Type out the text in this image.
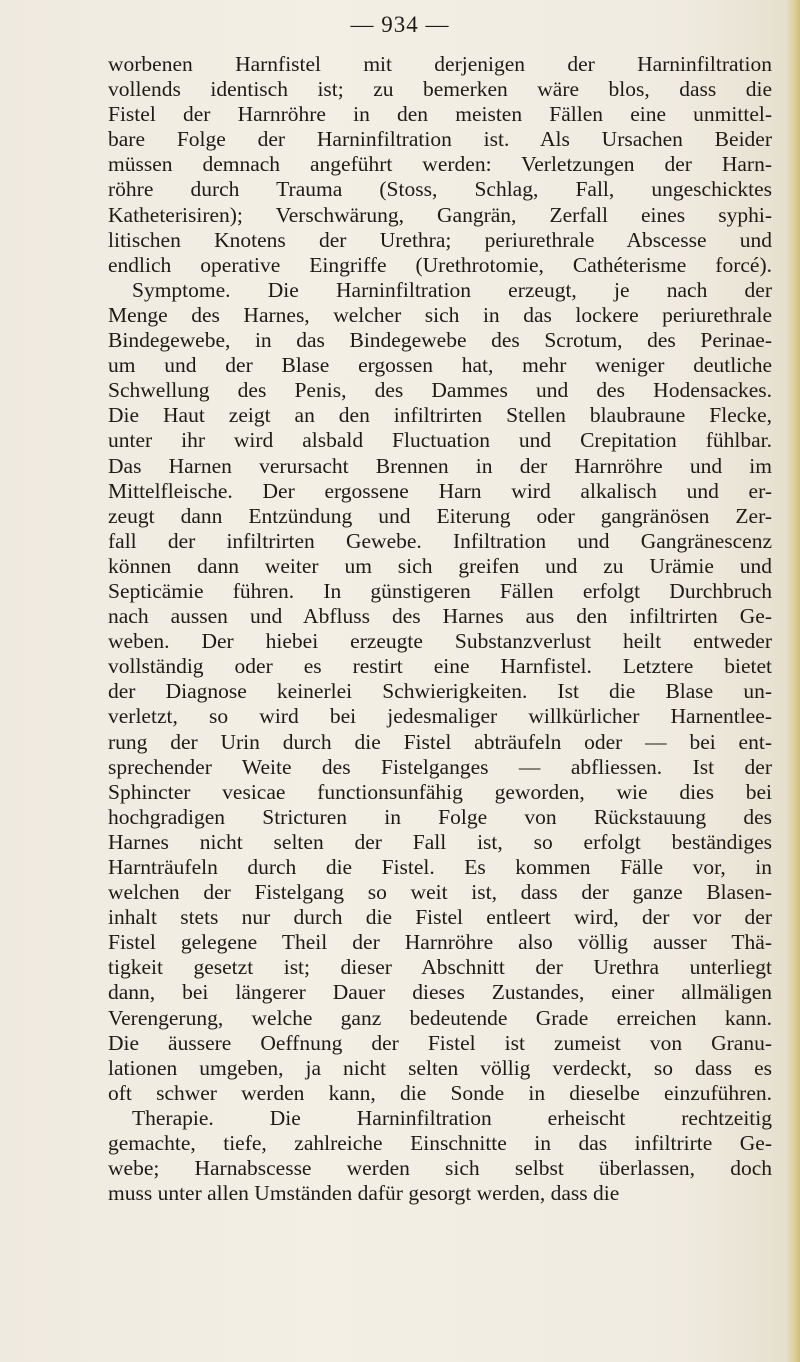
— 934 —
worbenen Harnfistel mit derjenigen der Harninfiltration
vollends identisch ist; zu bemerken wäre blos, dass die
Fistel der Harnröhre in den meisten Fällen eine unmittel-
bare Folge der Harninfiltration ist. Als Ursachen Beider
müssen demnach angeführt werden: Verletzungen der Harn-
röhre durch Trauma (Stoss, Schlag, Fall, ungeschicktes
Katheterisiren); Verschwärung, Gangrän, Zerfall eines syphi-
litischen Knotens der Urethra; periurethrale Abscesse und
endlich operative Eingriffe (Urethrotomie, Cathéterisme forcé).
Symptome. Die Harninfiltration erzeugt, je nach der
Menge des Harnes, welcher sich in das lockere periurethrale
Bindegewebe, in das Bindegewebe des Scrotum, des Perinae-
um und der Blase ergossen hat, mehr weniger deutliche
Schwellung des Penis, des Dammes und des Hodensackes.
Die Haut zeigt an den infiltrirten Stellen blaubraune Flecke,
unter ihr wird alsbald Fluctuation und Crepitation fühlbar.
Das Harnen verursacht Brennen in der Harnröhre und im
Mittelfleische. Der ergossene Harn wird alkalisch und er-
zeugt dann Entzündung und Eiterung oder gangränösen Zer-
fall der infiltrirten Gewebe. Infiltration und Gangränescenz
können dann weiter um sich greifen und zu Urämie und
Septicämie führen. In günstigeren Fällen erfolgt Durchbruch
nach aussen und Abfluss des Harnes aus den infiltrirten Ge-
weben. Der hiebei erzeugte Substanzverlust heilt entweder
vollständig oder es restirt eine Harnfistel. Letztere bietet
der Diagnose keinerlei Schwierigkeiten. Ist die Blase un-
verletzt, so wird bei jedesmaliger willkürlicher Harnentlee-
rung der Urin durch die Fistel abträufeln oder — bei ent-
sprechender Weite des Fistelganges — abfliessen. Ist der
Sphincter vesicae functionsunfähig geworden, wie dies bei
hochgradigen Stricturen in Folge von Rückstauung des
Harnes nicht selten der Fall ist, so erfolgt beständiges
Harnträufeln durch die Fistel. Es kommen Fälle vor, in
welchen der Fistelgang so weit ist, dass der ganze Blasen-
inhalt stets nur durch die Fistel entleert wird, der vor der
Fistel gelegene Theil der Harnröhre also völlig ausser Thä-
tigkeit gesetzt ist; dieser Abschnitt der Urethra unterliegt
dann, bei längerer Dauer dieses Zustandes, einer allmäligen
Verengerung, welche ganz bedeutende Grade erreichen kann.
Die äussere Oeffnung der Fistel ist zumeist von Granu-
lationen umgeben, ja nicht selten völlig verdeckt, so dass es
oft schwer werden kann, die Sonde in dieselbe einzuführen.
Therapie. Die Harninfiltration erheischt rechtzeitig
gemachte, tiefe, zahlreiche Einschnitte in das infiltrirte Ge-
webe; Harnabscesse werden sich selbst überlassen, doch
muss unter allen Umständen dafür gesorgt werden, dass die
